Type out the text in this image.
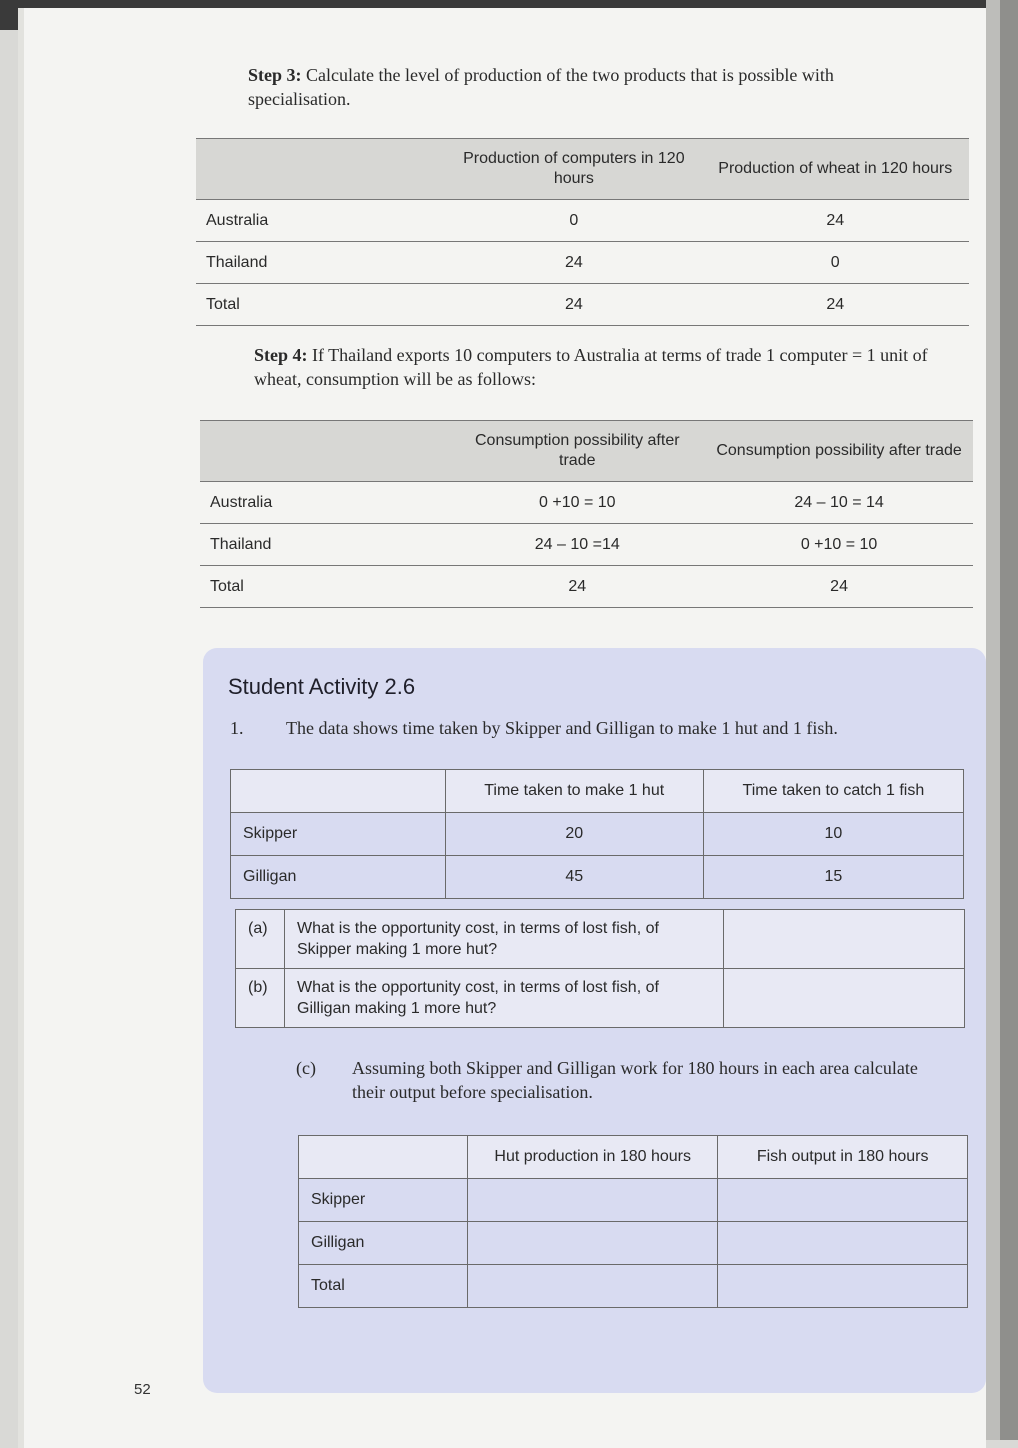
Step 3: Calculate the level of production of the two products that is possible with specialisation.
	Production of computers in 120 hours	Production of wheat in 120 hours
Australia	0	24
Thailand	24	0
Total	24	24
Step 4: If Thailand exports 10 computers to Australia at terms of trade 1 computer = 1 unit of wheat, consumption will be as follows:
	Consumption possibility after trade	Consumption possibility after trade
Australia	0 +10 = 10	24 – 10 = 14
Thailand	24 – 10 =14	0 +10 = 10
Total	24	24
Student Activity 2.6
1. The data shows time taken by Skipper and Gilligan to make 1 hut and 1 fish.
	Time taken to make 1 hut	Time taken to catch 1 fish
Skipper	20	10
Gilligan	45	15
(a)	What is the opportunity cost, in terms of lost fish, of Skipper making 1 more hut?	
(b)	What is the opportunity cost, in terms of lost fish, of Gilligan making 1 more hut?	
(c) Assuming both Skipper and Gilligan work for 180 hours in each area calculate their output before specialisation.
	Hut production in 180 hours	Fish output in 180 hours
Skipper		
Gilligan		
Total		
52
